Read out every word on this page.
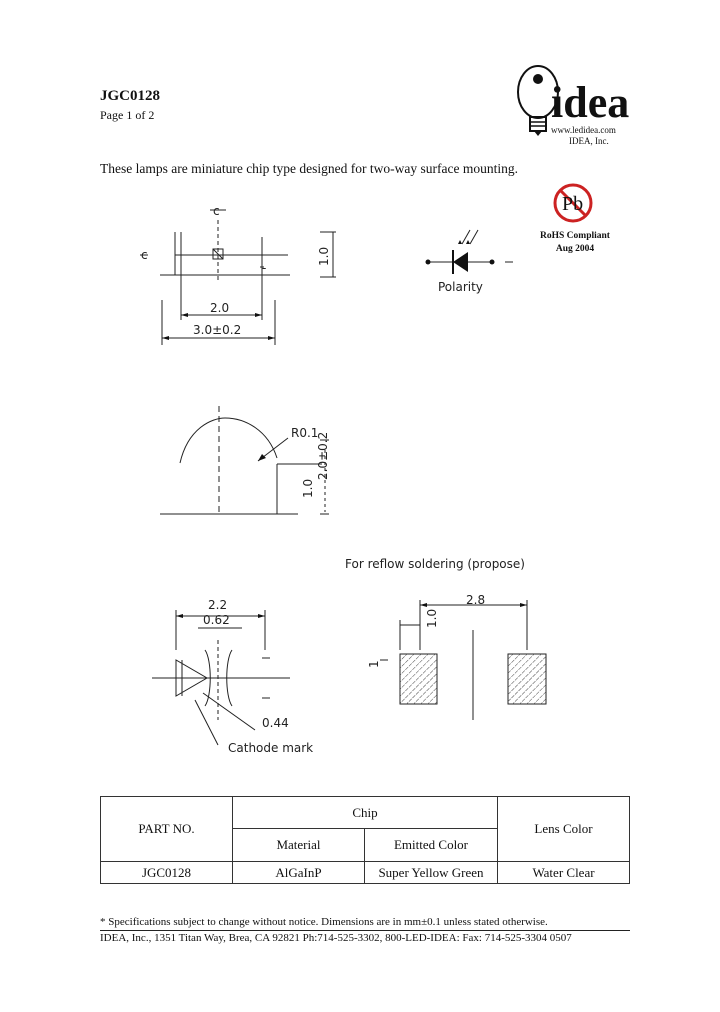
JGC0128
Page 1 of 2	idea
www.ledidea.com
IDEA, Inc.
These lamps are miniature chip type designed for two-way surface mounting.
Pb
RoHS Compliant
Aug 2004
c
c
-
1.0
2.0
3.0±0.2
Polarity
R0.1
2.0±0.2
1.0
For reflow soldering (propose)
2.2
0.62
0.44
Cathode mark
2.8
1.0
1
PART NO.	Chip		Lens Color
	Material	Emitted Color	
JGC0128	AlGaInP	Super Yellow Green	Water Clear
* Specifications subject to change without notice. Dimensions are in mm±0.1 unless stated otherwise.
IDEA, Inc., 1351 Titan Way, Brea, CA 92821 Ph:714-525-3302, 800-LED-IDEA: Fax: 714-525-3304 0507
